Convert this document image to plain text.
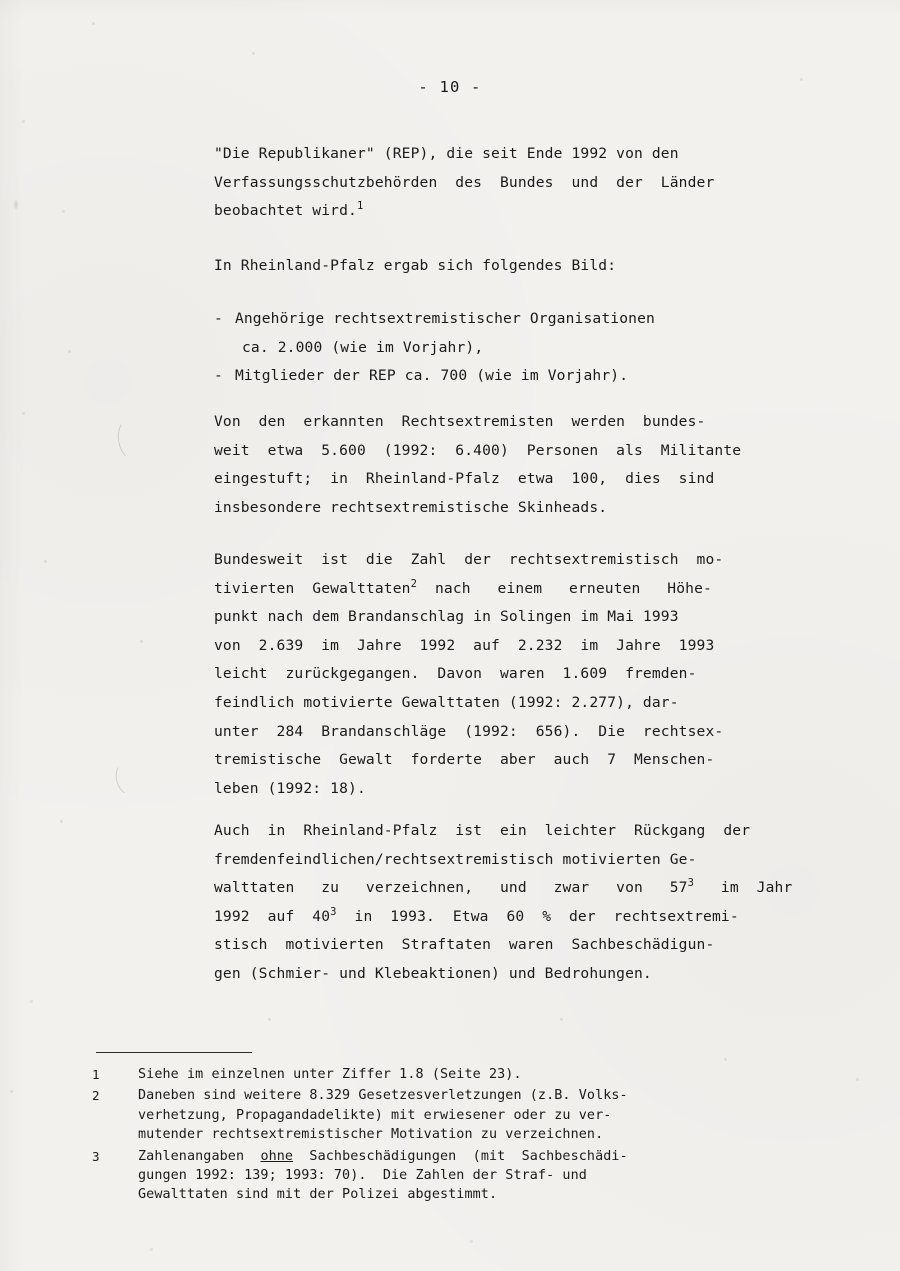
- 10 -

"Die Republikaner" (REP), die seit Ende 1992 von den

Verfassungsschutzbehörden  des  Bundes  und  der  Länder

beobachtet wird.$^1$

In Rheinland-Pfalz ergab sich folgendes Bild:

- Angehörige rechtsextremistischer Organisationen

ca. 2.000 (wie im Vorjahr),

- Mitglieder der REP ca. 700 (wie im Vorjahr).

Von  den  erkannten  Rechtsextremisten  werden  bundes-

weit  etwa  5.600  (1992:  6.400)  Personen  als  Militante

eingestuft;  in  Rheinland-Pfalz  etwa  100,  dies  sind

insbesondere rechtsextremistische Skinheads.

Bundesweit  ist  die  Zahl  der  rechtsextremistisch  mo-

tivierten  Gewalttaten$^2$  nach   einem   erneuten   Höhe-

punkt nach dem Brandanschlag in Solingen im Mai 1993

von  2.639  im  Jahre  1992  auf  2.232  im  Jahre  1993

leicht  zurückgegangen.  Davon  waren  1.609  fremden-

feindlich motivierte Gewalttaten (1992: 2.277), dar-

unter  284  Brandanschläge  (1992:  656).  Die  rechtsex-

tremistische  Gewalt  forderte  aber  auch  7  Menschen-

leben (1992: 18).

Auch  in  Rheinland-Pfalz  ist  ein  leichter  Rückgang  der

fremdenfeindlichen/rechtsextremistisch motivierten Ge-

walttaten   zu   verzeichnen,   und   zwar   von   $57^3$   im  Jahr

1992  auf  $40^3$  in  1993.  Etwa  60  %  der  rechtsextremi-

stisch  motivierten  Straftaten  waren  Sachbeschädigun-

gen (Schmier- und Klebeaktionen) und Bedrohungen.

1	Siehe im einzelnen unter Ziffer 1.8 (Seite 23).
2	Daneben sind weitere 8.329 Gesetzesverletzungen (z.B. Volks-
verhetzung, Propagandadelikte) mit erwiesener oder zu ver-
mutender rechtsextremistischer Motivation zu verzeichnen.
3	Zahlenangaben  ohne  Sachbeschädigungen  (mit  Sachbeschädi-
gungen 1992: 139; 1993: 70).  Die Zahlen der Straf- und
Gewalttaten sind mit der Polizei abgestimmt.
